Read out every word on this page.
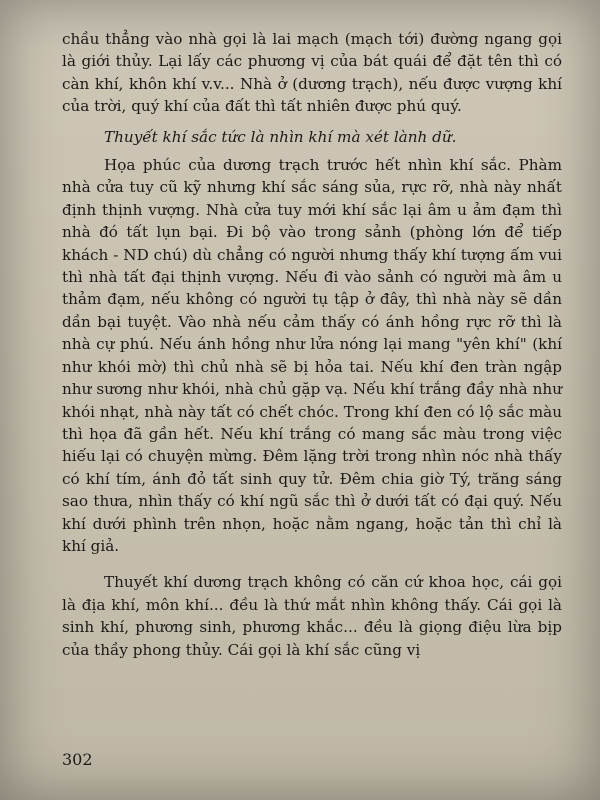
chầu thẳng vào nhà gọi là lai mạch (mạch tới) đường ngang gọi là giới thủy. Lại lấy các phương vị của bát quái để đặt tên thì có càn khí, khôn khí v.v... Nhà ở (dương trạch), nếu được vượng khí của trời, quý khí của đất thì tất nhiên được phú quý.

Thuyết khí sắc tức là nhìn khí mà xét lành dữ.

Họa phúc của dương trạch trước hết nhìn khí sắc. Phàm nhà cửa tuy cũ kỹ nhưng khí sắc sáng sủa, rực rỡ, nhà này nhất định thịnh vượng. Nhà cửa tuy mới khí sắc lại âm u ảm đạm thì nhà đó tất lụn bại. Đi bộ vào trong sảnh (phòng lớn để tiếp khách - ND chú) dù chẳng có người nhưng thấy khí tượng ấm vui thì nhà tất đại thịnh vượng. Nếu đi vào sảnh có người mà âm u thảm đạm, nếu không có người tụ tập ở đây, thì nhà này sẽ dần dần bại tuyệt. Vào nhà nếu cảm thấy có ánh hồng rực rỡ thì là nhà cự phú. Nếu ánh hồng như lửa nóng lại mang "yên khí" (khí như khói mờ) thì chủ nhà sẽ bị hỏa tai. Nếu khí đen tràn ngập như sương như khói, nhà chủ gặp vạ. Nếu khí trắng đầy nhà như khói nhạt, nhà này tất có chết chóc. Trong khí đen có lộ sắc màu thì họa đã gần hết. Nếu khí trắng có mang sắc màu trong việc hiếu lại có chuyện mừng. Đêm lặng trời trong nhìn nóc nhà thấy có khí tím, ánh đỏ tất sinh quy tử. Đêm chia giờ Tý, trăng sáng sao thưa, nhìn thấy có khí ngũ sắc thì ở dưới tất có đại quý. Nếu khí dưới phình trên nhọn, hoặc nằm ngang, hoặc tản thì chỉ là khí giả.

Thuyết khí dương trạch không có căn cứ khoa học, cái gọi là địa khí, môn khí... đều là thứ mắt nhìn không thấy. Cái gọi là sinh khí, phương sinh, phương khắc... đều là giọng điệu lừa bịp của thầy phong thủy. Cái gọi là khí sắc cũng vị

302
